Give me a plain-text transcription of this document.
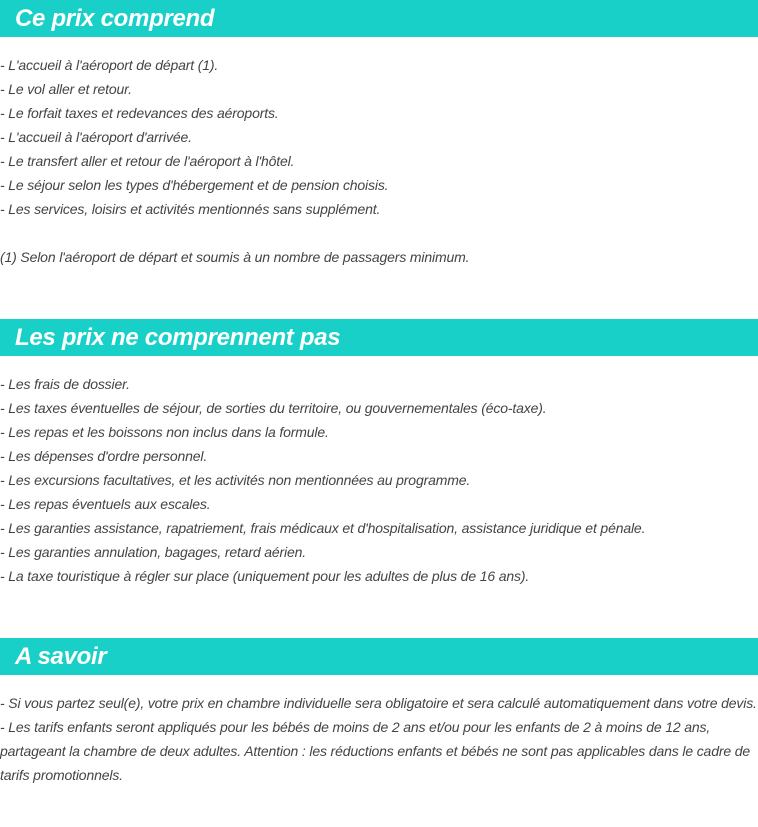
Ce prix comprend
- L'accueil à l'aéroport de départ (1).
- Le vol aller et retour.
- Le forfait taxes et redevances des aéroports.
- L'accueil à l'aéroport d'arrivée.
- Le transfert aller et retour de l'aéroport à l'hôtel.
- Le séjour selon les types d'hébergement et de pension choisis.
- Les services, loisirs et activités mentionnés sans supplément.
(1) Selon l'aéroport de départ et soumis à un nombre de passagers minimum.
Les prix ne comprennent pas
- Les frais de dossier.
- Les taxes éventuelles de séjour, de sorties du territoire, ou gouvernementales (éco-taxe).
- Les repas et les boissons non inclus dans la formule.
- Les dépenses d'ordre personnel.
- Les excursions facultatives, et les activités non mentionnées au programme.
- Les repas éventuels aux escales.
- Les garanties assistance, rapatriement, frais médicaux et d'hospitalisation, assistance juridique et pénale.
- Les garanties annulation, bagages, retard aérien.
- La taxe touristique à régler sur place (uniquement pour les adultes de plus de 16 ans).
A savoir
- Si vous partez seul(e), votre prix en chambre individuelle sera obligatoire et sera calculé automatiquement dans votre devis.
- Les tarifs enfants seront appliqués pour les bébés de moins de 2 ans et/ou pour les enfants de 2 à moins de 12 ans, partageant la chambre de deux adultes. Attention : les réductions enfants et bébés ne sont pas applicables dans le cadre de tarifs promotionnels.
